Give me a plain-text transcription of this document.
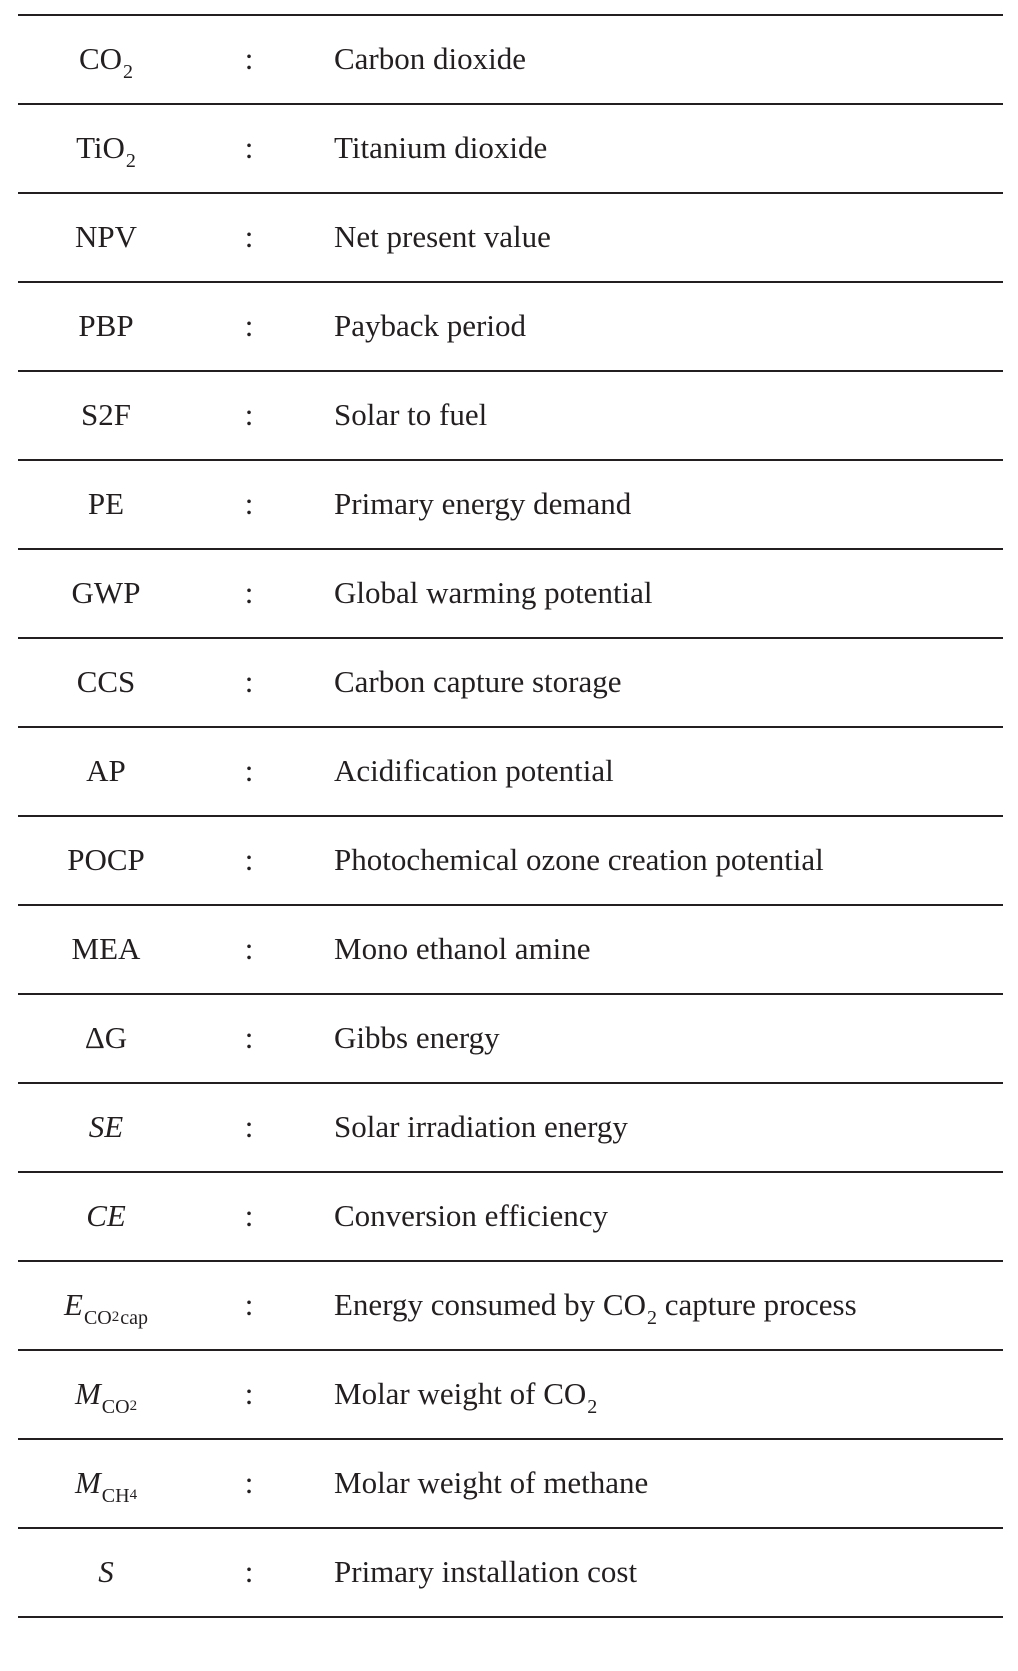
$CO_2$	:	Carbon dioxide
TiO$_2$	:	Titanium dioxide
NPV	:	Net present value
PBP	:	Payback period
S2F	:	Solar to fuel
PE	:	Primary energy demand
GWP	:	Global warming potential
CCS	:	Carbon capture storage
AP	:	Acidification potential
POCP	:	Photochemical ozone creation potential
MEA	:	Mono ethanol amine
ΔG	:	Gibbs energy
SE	:	Solar irradiation energy
CE	:	Conversion efficiency
$E_{CO}2_{cap}$	:	Energy consumed by $CO_2$ capture process
$M_{CO}2$	:	Molar weight of $CO_2$
$M_{CH}4$	:	Molar weight of methane
S	:	Primary installation cost
